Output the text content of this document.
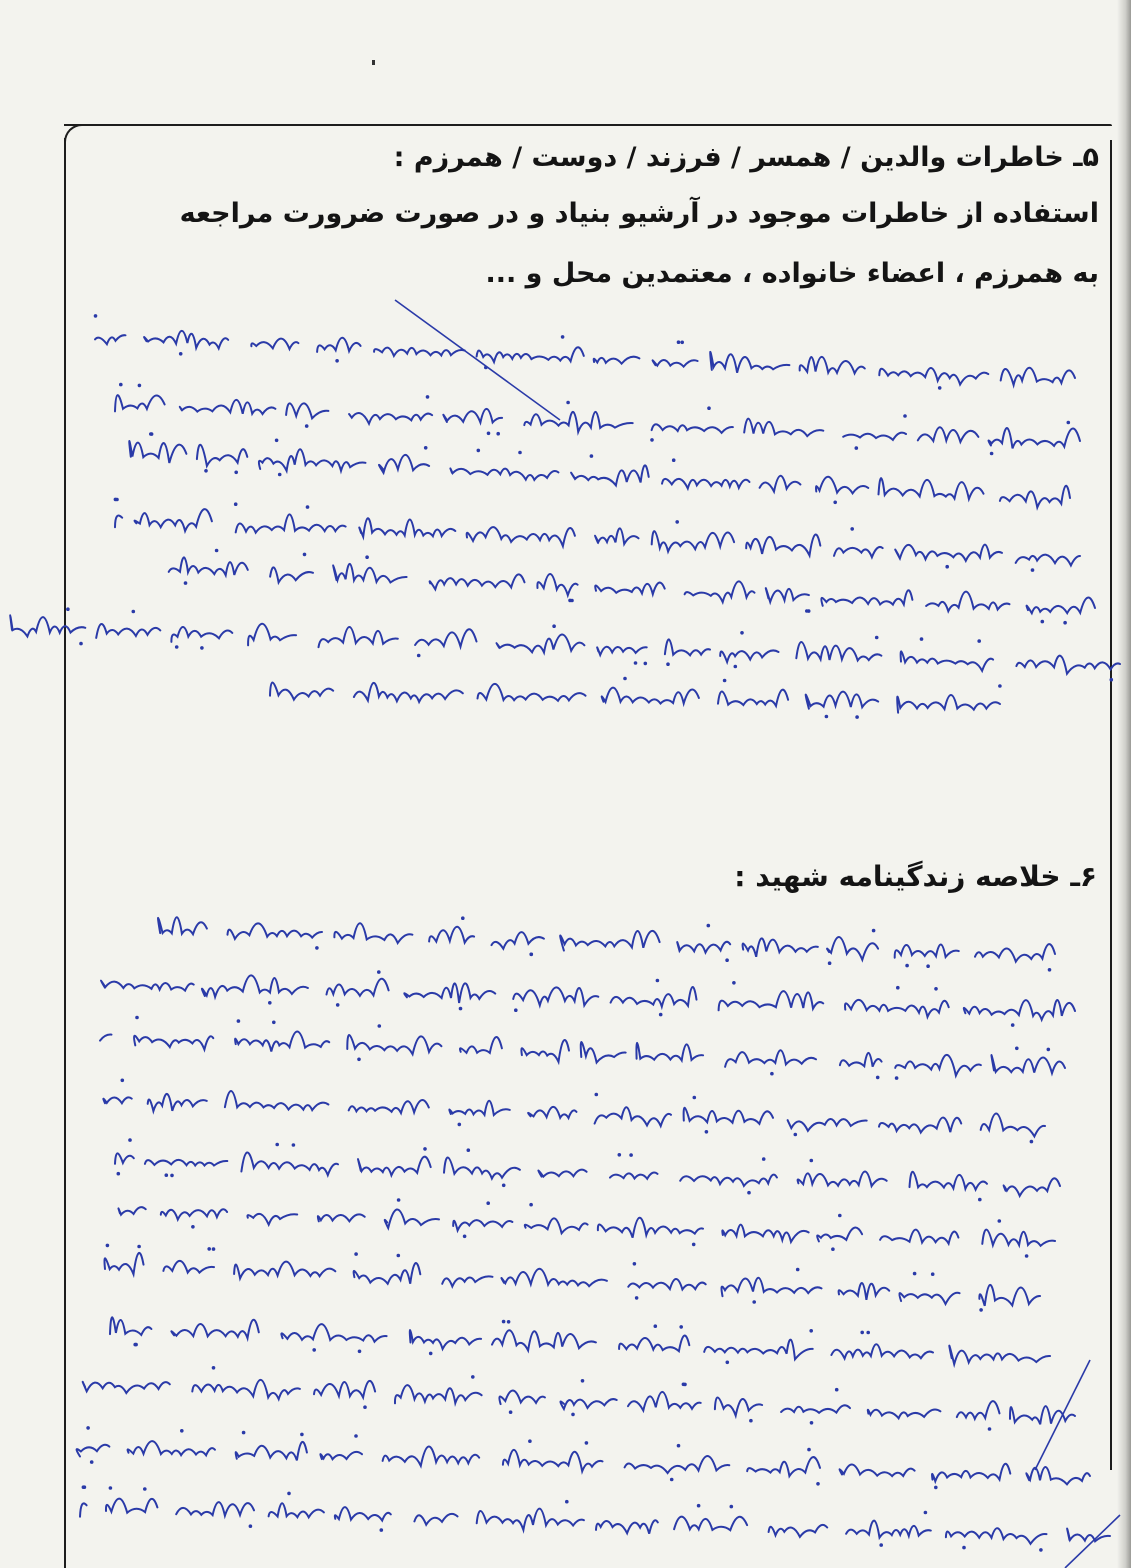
۵ـ خاطرات والدین / همسر / فرزند / دوست / همرزم :
استفاده از خاطرات موجود در آرشیو بنیاد و در صورت ضرورت مراجعه
به همرزم ، اعضاء خانواده ، معتمدین محل و ...
۶ـ خلاصه زندگینامه شهید :
